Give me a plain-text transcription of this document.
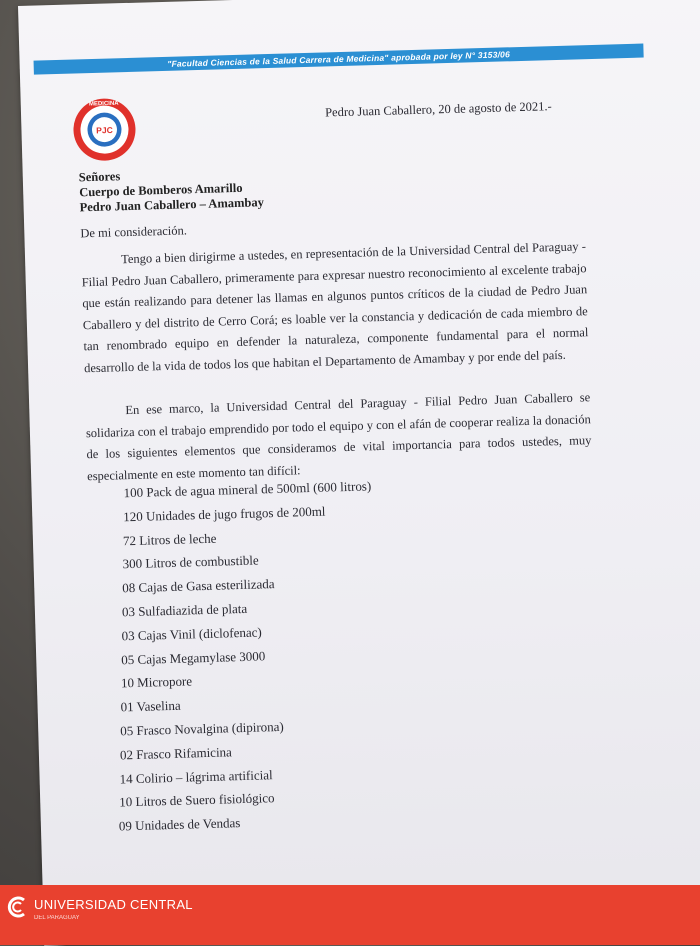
"Facultad Ciencias de la Salud Carrera de Medicina" aprobada por ley N° 3153/06
PJC
MEDICINA	Pedro Juan Caballero, 20 de agosto de 2021.-
Señores
Cuerpo de Bomberos Amarillo
Pedro Juan Caballero – Amambay
De mi consideración.
Tengo a bien dirigirme a ustedes, en representación de la Universidad Central del Paraguay - Filial Pedro Juan Caballero, primeramente para expresar nuestro reconocimiento al excelente trabajo que están realizando para detener las llamas en algunos puntos críticos de la ciudad de Pedro Juan Caballero y del distrito de Cerro Corá; es loable ver la constancia y dedicación de cada miembro de tan renombrado equipo en defender la naturaleza, componente fundamental para el normal desarrollo de la vida de todos los que habitan el Departamento de Amambay y por ende del país.
En ese marco, la Universidad Central del Paraguay - Filial Pedro Juan Caballero se solidariza con el trabajo emprendido por todo el equipo y con el afán de cooperar realiza la donación de los siguientes elementos que consideramos de vital importancia para todos ustedes, muy especialmente en este momento tan difícil:
100 Pack de agua mineral de 500ml (600 litros)
120 Unidades de jugo frugos de 200ml
72 Litros de leche
300 Litros de combustible
08 Cajas de Gasa esterilizada
03 Sulfadiazida de plata
03 Cajas Vinil (diclofenac)
05 Cajas Megamylase 3000
10 Micropore
01 Vaselina
05 Frasco Novalgina (dipirona)
02 Frasco Rifamicina
14 Colirio – lágrima artificial
10 Litros de Suero fisiológico
09 Unidades de Vendas
UNIVERSIDAD CENTRAL
DEL PARAGUAY
